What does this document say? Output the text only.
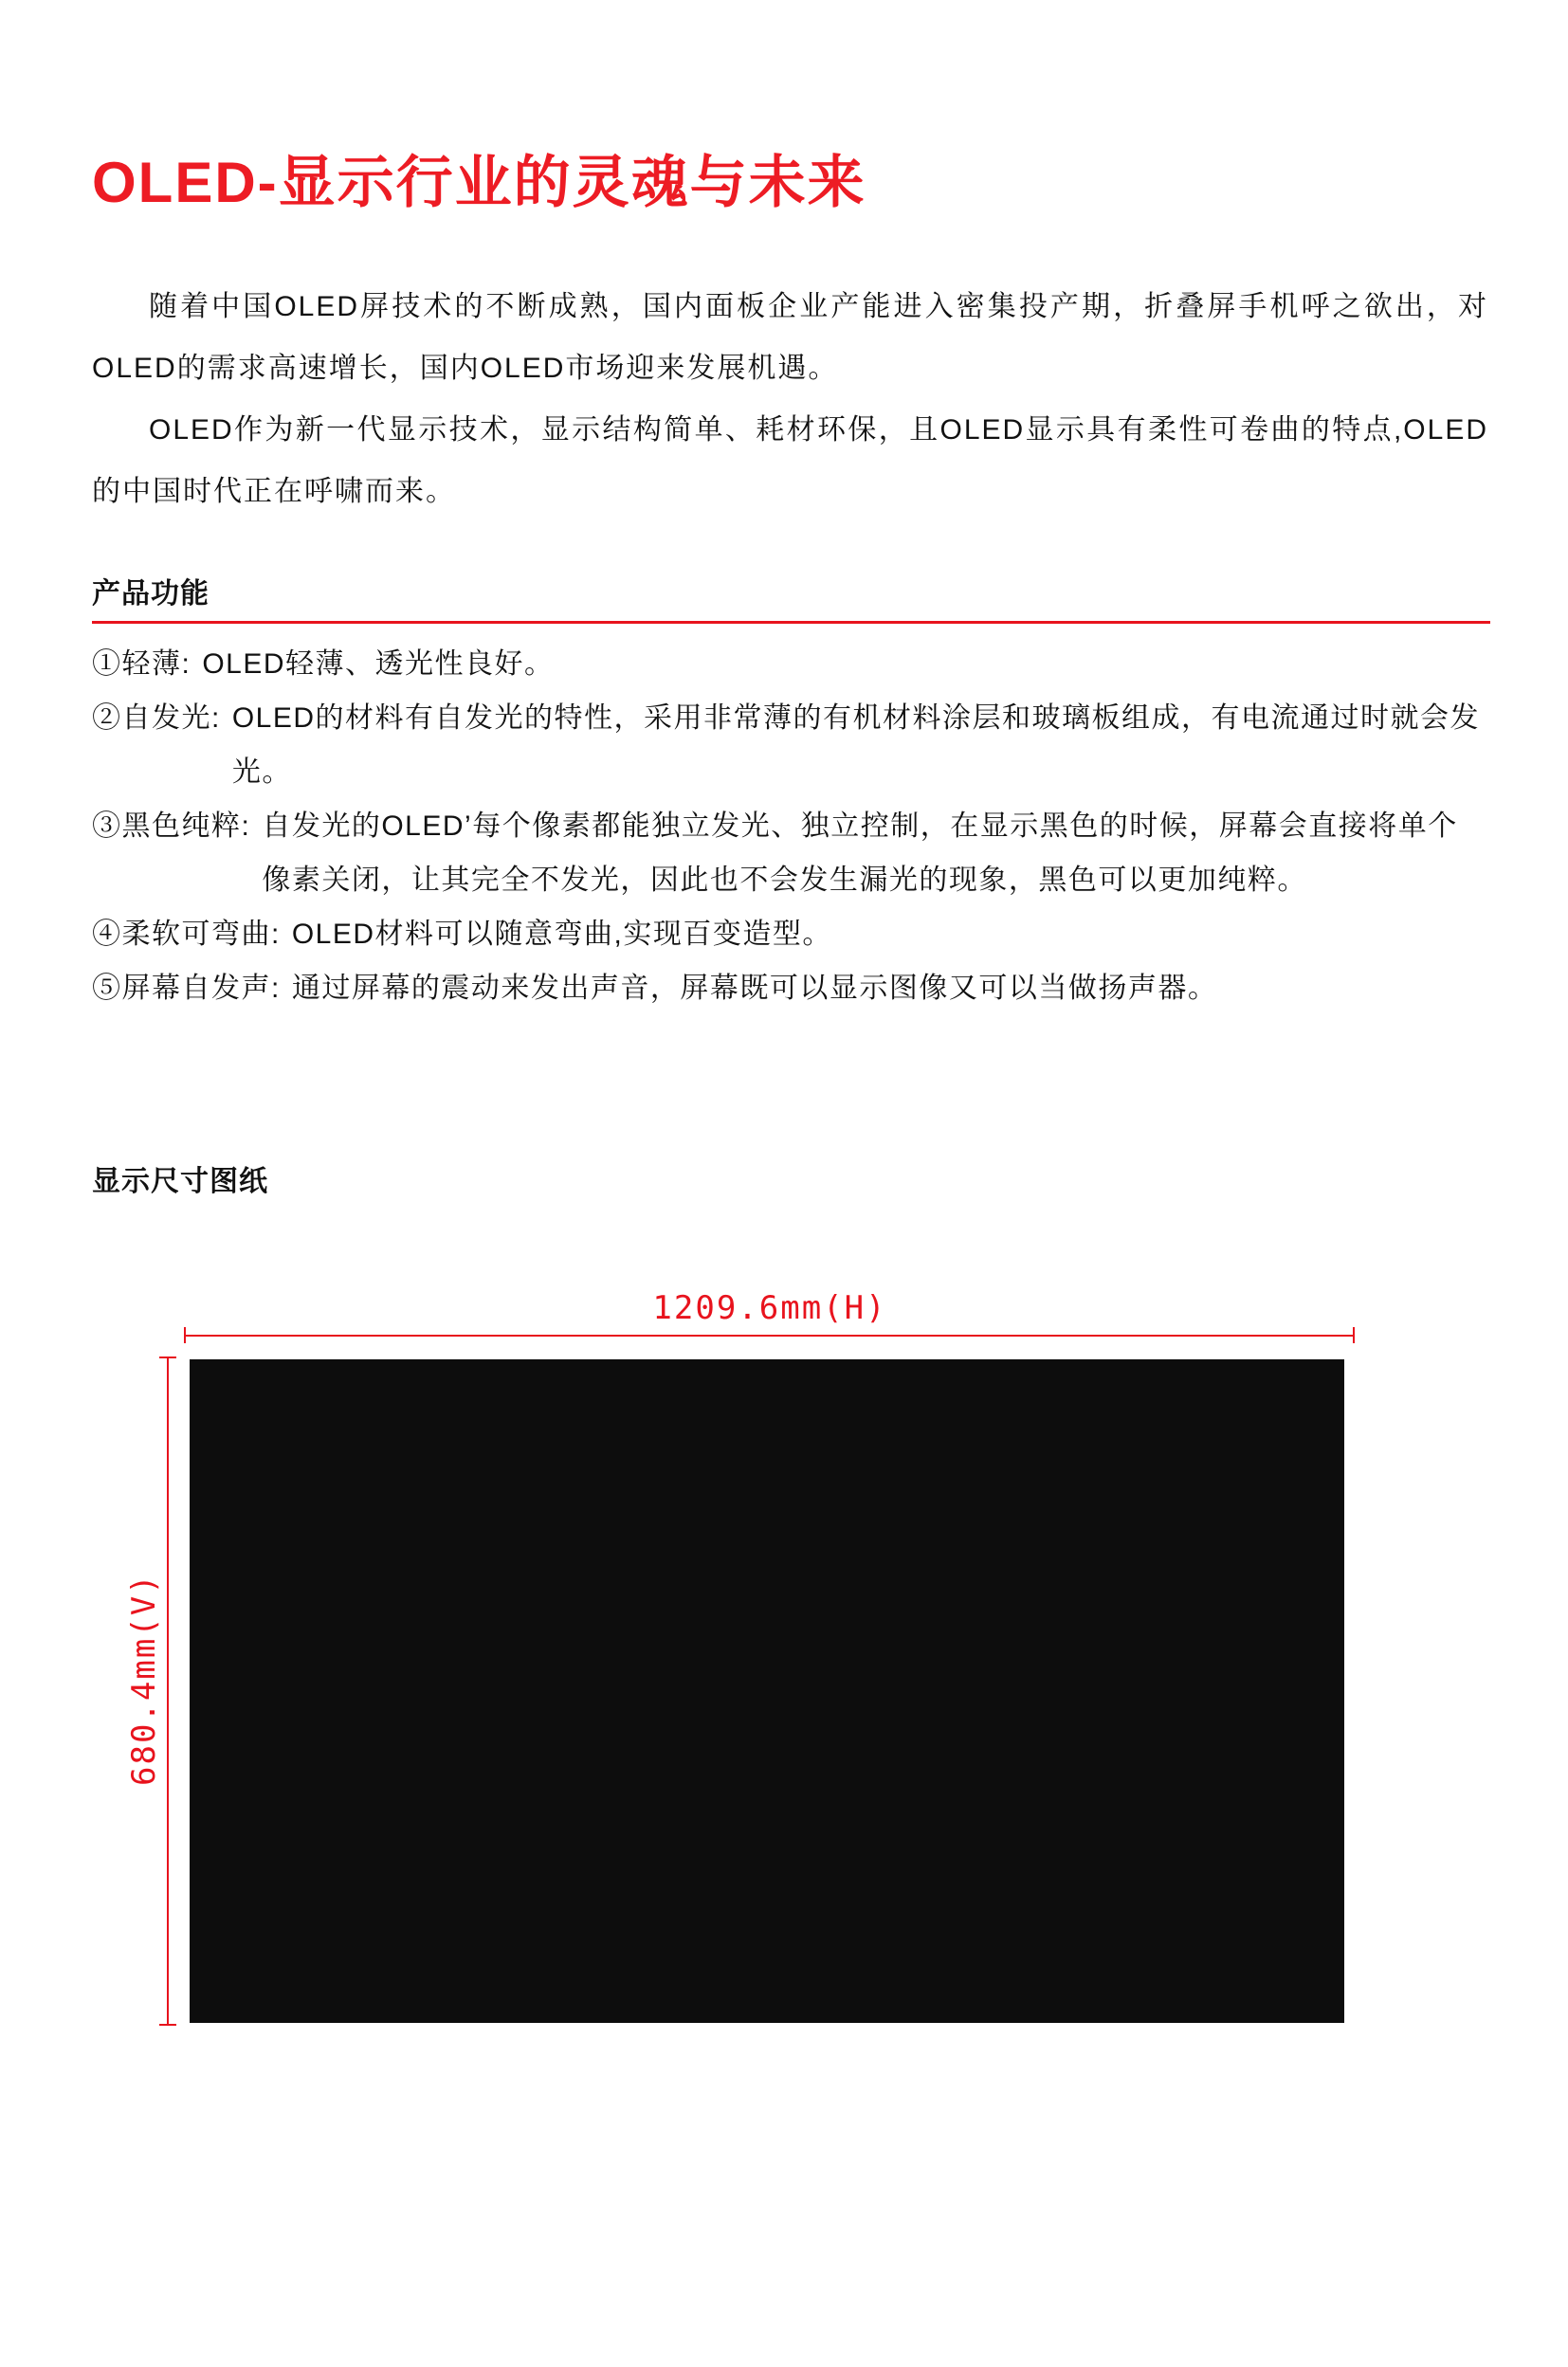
OLED-显示行业的灵魂与未来

随着中国OLED屏技术的不断成熟，国内面板企业产能进入密集投产期，折叠屏手机呼之欲出，对OLED的需求高速增长，国内OLED市场迎来发展机遇。

OLED作为新一代显示技术，显示结构简单、耗材环保，且OLED显示具有柔性可卷曲的特点,OLED的中国时代正在呼啸而来。

产品功能
①轻薄: OLED轻薄、透光性良好。
②自发光: OLED的材料有自发光的特性，采用非常薄的有机材料涂层和玻璃板组成，有电流通过时就会发光。
③黑色纯粹: 自发光的OLED’每个像素都能独立发光、独立控制，在显示黑色的时候，屏幕会直接将单个像素关闭，让其完全不发光，因此也不会发生漏光的现象，黑色可以更加纯粹。
④柔软可弯曲: OLED材料可以随意弯曲,实现百变造型。
⑤屏幕自发声: 通过屏幕的震动来发出声音，屏幕既可以显示图像又可以当做扬声器。
显示尺寸图纸
1209.6mm(H)
680.4mm(V)
